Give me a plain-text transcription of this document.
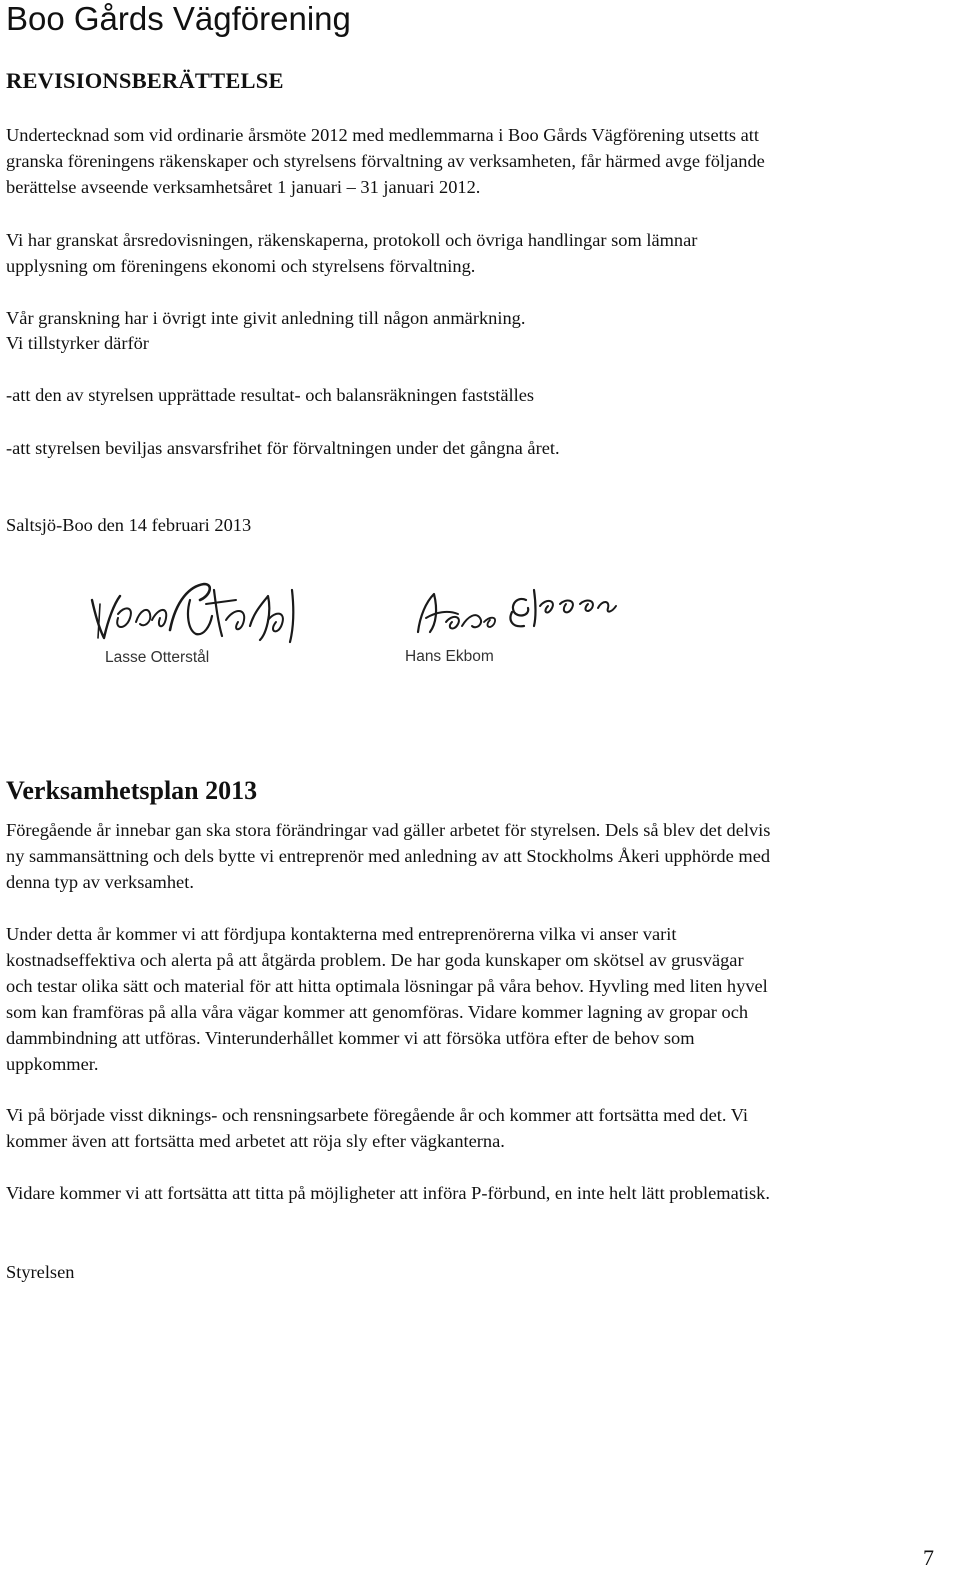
Boo Gårds Vägförening
REVISIONSBERÄTTELSE

Undertecknad som vid ordinarie årsmöte 2012 med medlemmarna i Boo Gårds Vägförening utsetts att

granska föreningens räkenskaper och styrelsens förvaltning av verksamheten, får härmed avge följande

berättelse avseende verksamhetsåret 1 januari – 31 januari 2012.

Vi har granskat årsredovisningen, räkenskaperna, protokoll och övriga handlingar som lämnar

upplysning om föreningens ekonomi och styrelsens förvaltning.

Vår granskning har i övrigt inte givit anledning till någon anmärkning.

Vi tillstyrker därför

-att den av styrelsen upprättade resultat- och balansräkningen fastställes

-att styrelsen beviljas ansvarsfrihet för förvaltningen under det gångna året.

Saltsjö-Boo den 14 februari 2013

Lasse Otterstål	Hans Ekbom
Verksamhetsplan 2013

Föregående år innebar gan ska stora förändringar vad gäller arbetet för styrelsen. Dels så blev det delvis

ny sammansättning och dels bytte vi entreprenör med anledning av att Stockholms Åkeri upphörde med

denna typ av verksamhet.

Under detta år kommer vi att fördjupa kontakterna med entreprenörerna vilka vi anser varit

kostnadseffektiva och alerta på att åtgärda problem. De har goda kunskaper om skötsel av grusvägar

och testar olika sätt och material för att hitta optimala lösningar på våra behov. Hyvling med liten hyvel

som kan framföras på alla våra vägar kommer att genomföras. Vidare kommer lagning av gropar och

dammbindning att utföras. Vinterunderhållet kommer vi att försöka utföra efter de behov som

uppkommer.

Vi på började visst diknings- och rensningsarbete föregående år och kommer att fortsätta med det. Vi

kommer även att fortsätta med arbetet att röja sly efter vägkanterna.

Vidare kommer vi att fortsätta att titta på möjligheter att införa P-förbund, en inte helt lätt problematisk.

Styrelsen

7
